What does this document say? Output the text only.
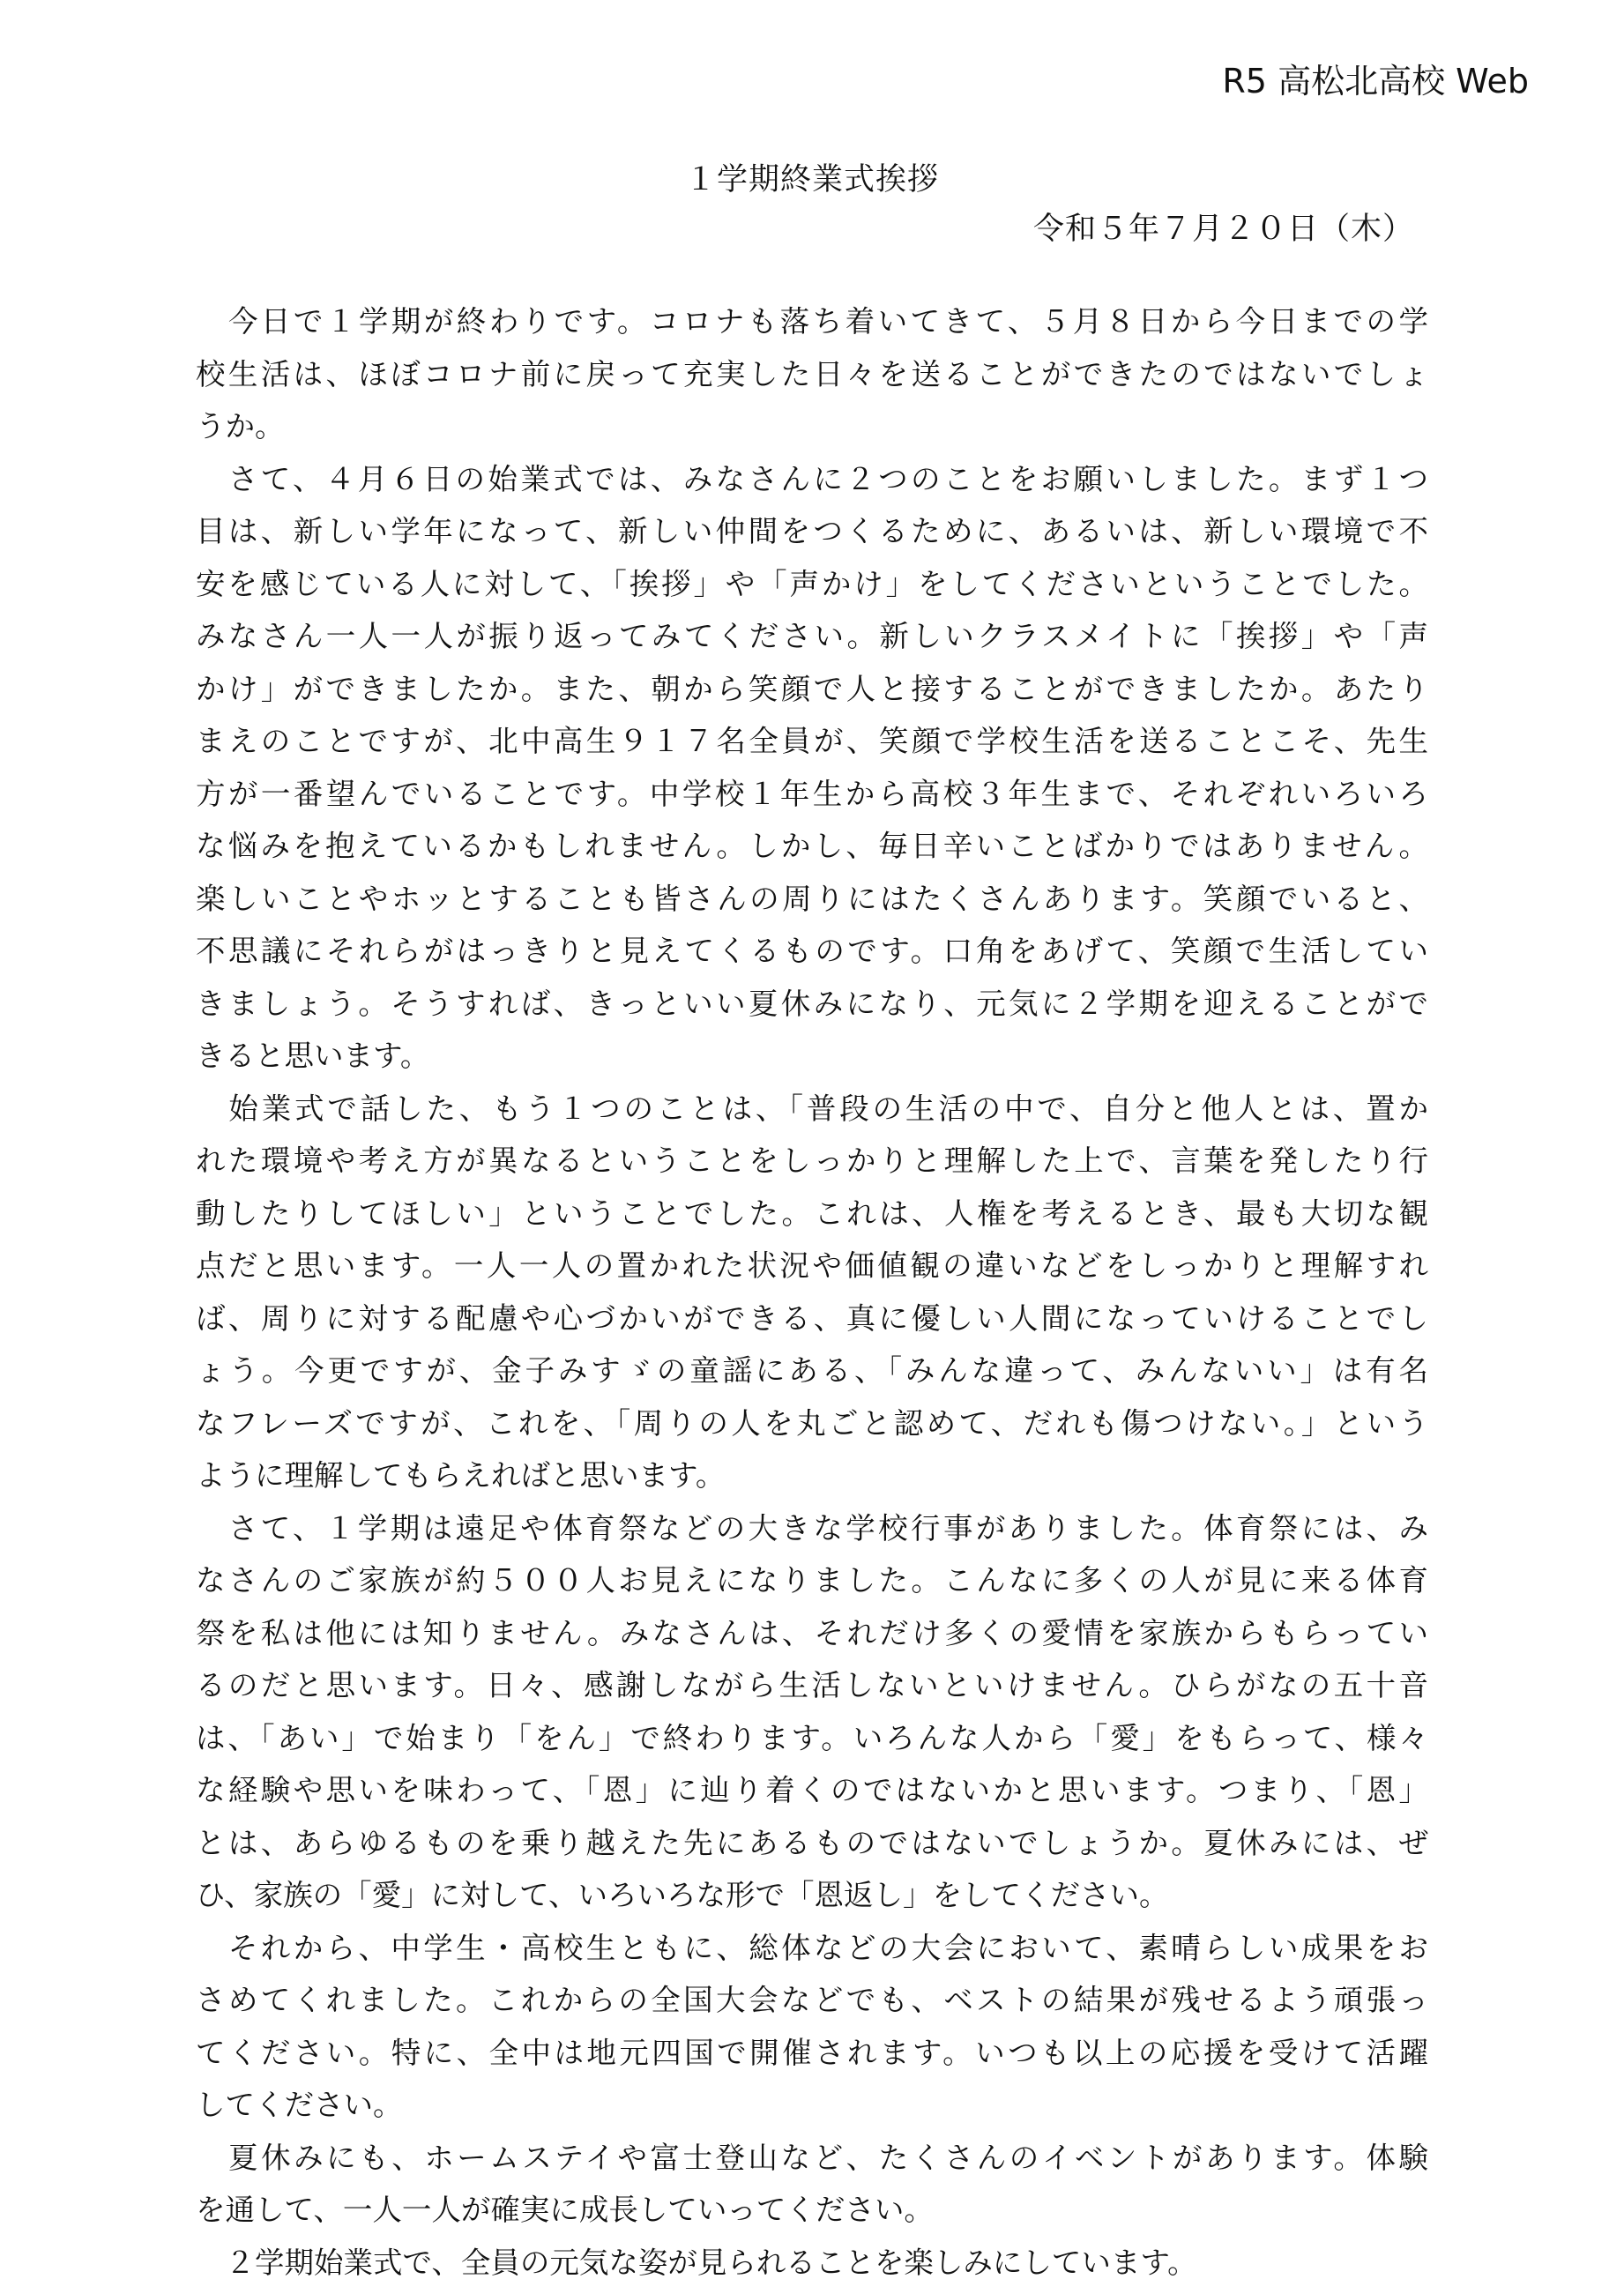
R5 高松北高校 Web
１学期終業式挨拶
令和５年７月２０日（木）
　今日で１学期が終わりです。コロナも落ち着いてきて、５月８日から今日までの学
校生活は、ほぼコロナ前に戻って充実した日々を送ることができたのではないでしょ
うか。
　さて、４月６日の始業式では、みなさんに２つのことをお願いしました。まず１つ
目は、新しい学年になって、新しい仲間をつくるために、あるいは、新しい環境で不
安を感じている人に対して、「挨拶」や「声かけ」をしてくださいということでした。
みなさん一人一人が振り返ってみてください。新しいクラスメイトに「挨拶」や「声
かけ」ができましたか。また、朝から笑顔で人と接することができましたか。あたり
まえのことですが、北中高生９１７名全員が、笑顔で学校生活を送ることこそ、先生
方が一番望んでいることです。中学校１年生から高校３年生まで、それぞれいろいろ
な悩みを抱えているかもしれません。しかし、毎日辛いことばかりではありません。
楽しいことやホッとすることも皆さんの周りにはたくさんあります。笑顔でいると、
不思議にそれらがはっきりと見えてくるものです。口角をあげて、笑顔で生活してい
きましょう。そうすれば、きっといい夏休みになり、元気に２学期を迎えることがで
きると思います。
　始業式で話した、もう１つのことは、「普段の生活の中で、自分と他人とは、置か
れた環境や考え方が異なるということをしっかりと理解した上で、言葉を発したり行
動したりしてほしい」ということでした。これは、人権を考えるとき、最も大切な観
点だと思います。一人一人の置かれた状況や価値観の違いなどをしっかりと理解すれ
ば、周りに対する配慮や心づかいができる、真に優しい人間になっていけることでし
ょう。今更ですが、金子みすゞの童謡にある、「みんな違って、みんないい」は有名
なフレーズですが、これを、「周りの人を丸ごと認めて、だれも傷つけない。」という
ように理解してもらえればと思います。
　さて、１学期は遠足や体育祭などの大きな学校行事がありました。体育祭には、み
なさんのご家族が約５００人お見えになりました。こんなに多くの人が見に来る体育
祭を私は他には知りません。みなさんは、それだけ多くの愛情を家族からもらってい
るのだと思います。日々、感謝しながら生活しないといけません。ひらがなの五十音
は、「あい」で始まり「をん」で終わります。いろんな人から「愛」をもらって、様々
な経験や思いを味わって、「恩」に辿り着くのではないかと思います。つまり、「恩」
とは、あらゆるものを乗り越えた先にあるものではないでしょうか。夏休みには、ぜ
ひ、家族の「愛」に対して、いろいろな形で「恩返し」をしてください。
　それから、中学生・高校生ともに、総体などの大会において、素晴らしい成果をお
さめてくれました。これからの全国大会などでも、ベストの結果が残せるよう頑張っ
てください。特に、全中は地元四国で開催されます。いつも以上の応援を受けて活躍
してください。
　夏休みにも、ホームステイや富士登山など、たくさんのイベントがあります。体験
を通して、一人一人が確実に成長していってください。
　２学期始業式で、全員の元気な姿が見られることを楽しみにしています。
